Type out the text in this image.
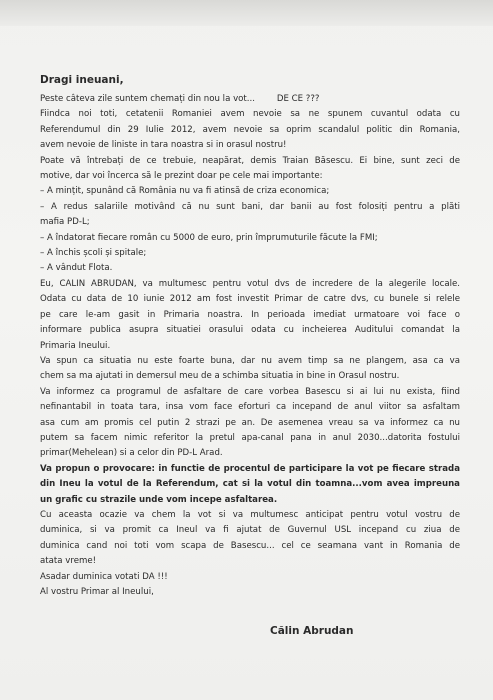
Dragi ineuani,
Peste câteva zile suntem chemați din nou la vot...        DE CE ???
Fiindca noi toti, cetatenii Romaniei avem nevoie sa ne spunem cuvantul odata cu
Referendumul din 29 Iulie 2012, avem nevoie sa oprim scandalul politic din Romania,
avem nevoie de liniste in tara noastra si in orasul nostru!
Poate vă întrebați de ce trebuie, neapărat, demis Traian Băsescu. Ei bine, sunt zeci de
motive, dar voi încerca să le prezint doar pe cele mai importante:
– A mințit, spunând că România nu va fi atinsă de criza economica;
– A redus salariile motivând că nu sunt bani, dar banii au fost folosiți pentru a plăti
mafia PD-L;
– A îndatorat fiecare român cu 5000 de euro, prin împrumuturile făcute la FMI;
– A închis școli și spitale;
– A vândut Flota.
Eu, CALIN ABRUDAN, va multumesc pentru votul dvs de incredere de la alegerile locale.
Odata cu data de 10 iunie 2012 am fost investit Primar de catre dvs, cu bunele si relele
pe care le-am gasit in Primaria noastra. In perioada imediat urmatoare voi face o
informare publica asupra situatiei orasului odata cu incheierea Auditului comandat la
Primaria Ineului.
Va spun ca situatia nu este foarte buna, dar nu avem timp sa ne plangem, asa ca va
chem sa ma ajutati in demersul meu de a schimba situatia in bine in Orasul nostru.
Va informez ca programul de asfaltare de care vorbea Basescu si ai lui nu exista, fiind
nefinantabil in toata tara, insa vom face eforturi ca incepand de anul viitor sa asfaltam
asa cum am promis cel putin 2 strazi pe an. De asemenea vreau sa va informez ca nu
putem sa facem nimic referitor la pretul apa-canal pana in anul 2030...datorita fostului
primar(Mehelean) si a celor din PD-L Arad.
Va propun o provocare: in functie de procentul de participare la vot pe fiecare strada
din Ineu la votul de la Referendum, cat si la votul din toamna...vom avea impreuna
un grafic cu strazile unde vom incepe asfaltarea.
Cu aceasta ocazie va chem la vot si va multumesc anticipat pentru votul vostru de
duminica, si va promit ca Ineul va fi ajutat de Guvernul USL incepand cu ziua de
duminica cand noi toti vom scapa de Basescu... cel ce seamana vant in Romania de
atata vreme!
Asadar duminica votati DA !!!
Al vostru Primar al Ineului,
Călin Abrudan
